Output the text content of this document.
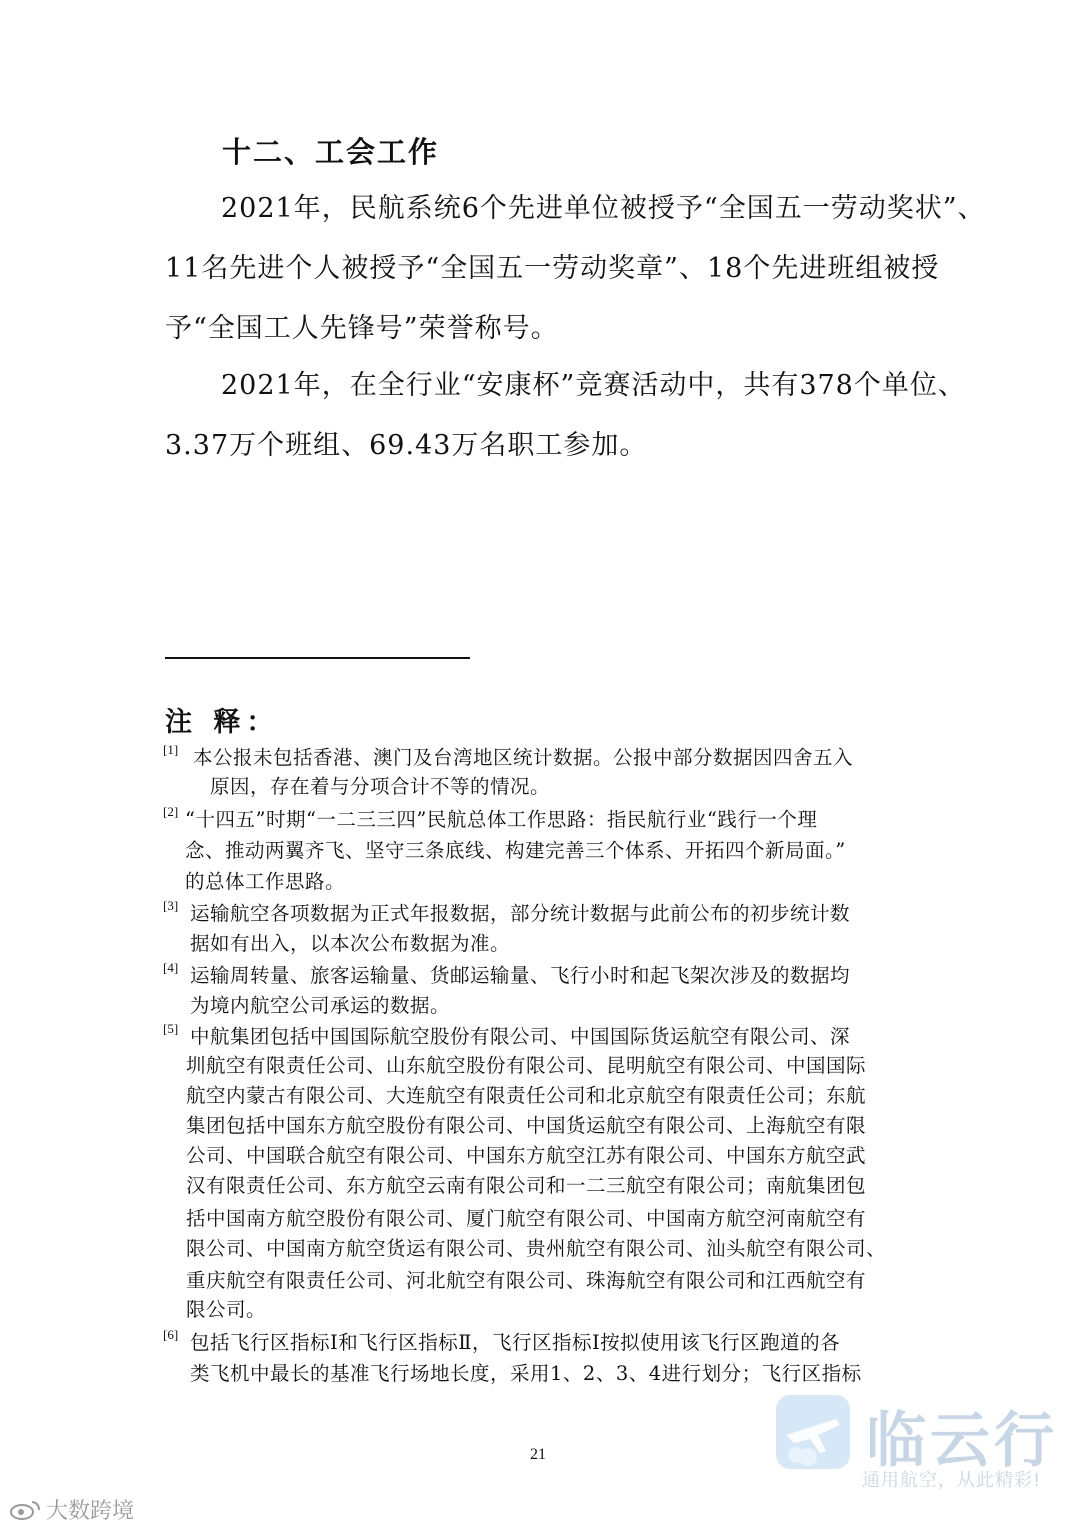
十二、工会工作
　　2021年，民航系统6个先进单位被授予“全国五一劳动奖状”、
11名先进个人被授予“全国五一劳动奖章”、18个先进班组被授
予“全国工人先锋号”荣誉称号。
　　2021年，在全行业“安康杯”竞赛活动中，共有378个单位、
3.37万个班组、69.43万名职工参加。
注 释：
[1] 本公报未包括香港、澳门及台湾地区统计数据。公报中部分数据因四舍五入
原因，存在着与分项合计不等的情况。
[2] “十四五”时期“一二三三四”民航总体工作思路：指民航行业“践行一个理
念、推动两翼齐飞、坚守三条底线、构建完善三个体系、开拓四个新局面。”
的总体工作思路。
[3] 运输航空各项数据为正式年报数据，部分统计数据与此前公布的初步统计数
据如有出入，以本次公布数据为准。
[4] 运输周转量、旅客运输量、货邮运输量、飞行小时和起飞架次涉及的数据均
为境内航空公司承运的数据。
[5] 中航集团包括中国国际航空股份有限公司、中国国际货运航空有限公司、深
圳航空有限责任公司、山东航空股份有限公司、昆明航空有限公司、中国国际
航空内蒙古有限公司、大连航空有限责任公司和北京航空有限责任公司；东航
集团包括中国东方航空股份有限公司、中国货运航空有限公司、上海航空有限
公司、中国联合航空有限公司、中国东方航空江苏有限公司、中国东方航空武
汉有限责任公司、东方航空云南有限公司和一二三航空有限公司；南航集团包
括中国南方航空股份有限公司、厦门航空有限公司、中国南方航空河南航空有
限公司、中国南方航空货运有限公司、贵州航空有限公司、汕头航空有限公司、
重庆航空有限责任公司、河北航空有限公司、珠海航空有限公司和江西航空有
限公司。
[6] 包括飞行区指标Ⅰ和飞行区指标Ⅱ，飞行区指标Ⅰ按拟使用该飞行区跑道的各
类飞机中最长的基准飞行场地长度，采用1、2、3、4进行划分；飞行区指标
21	临云行
通用航空，从此精彩!
大数跨境
